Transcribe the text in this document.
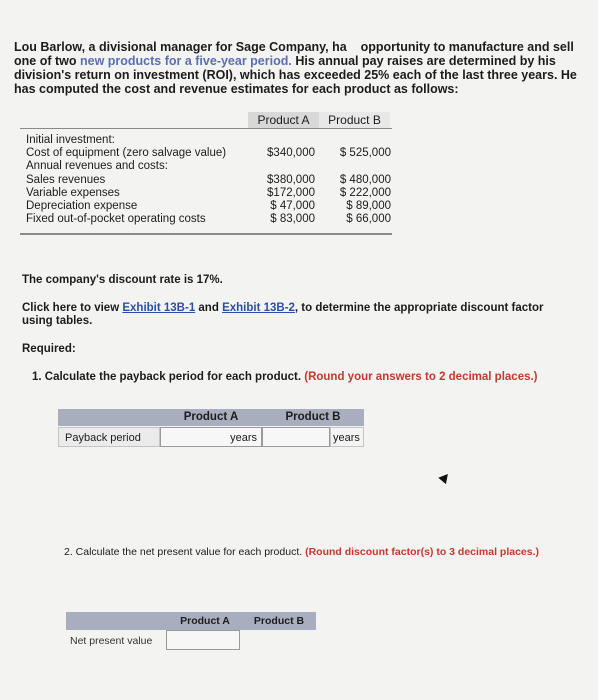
Lou Barlow, a divisional manager for Sage Company, ha opportunity to manufacture and sell one of two new products for a five-year period. His annual pay raises are determined by his division's return on investment (ROI), which has exceeded 25% each of the last three years. He has computed the cost and revenue estimates for each product as follows:
Product A	Product B
Initial investment:
Cost of equipment (zero salvage value)	$340,000	$ 525,000
Annual revenues and costs:
Sales revenues	$380,000	$ 480,000
Variable expenses	$172,000	$ 222,000
Depreciation expense	$ 47,000	$ 89,000
Fixed out-of-pocket operating costs	$ 83,000	$ 66,000
The company's discount rate is 17%.
Click here to view Exhibit 13B-1 and Exhibit 13B-2, to determine the appropriate discount factor using tables.
Required:
1. Calculate the payback period for each product. (Round your answers to 2 decimal places.)
Product A	Product B
Payback period	years	years
2. Calculate the net present value for each product. (Round discount factor(s) to 3 decimal places.)
Product A	Product B
Net present value
